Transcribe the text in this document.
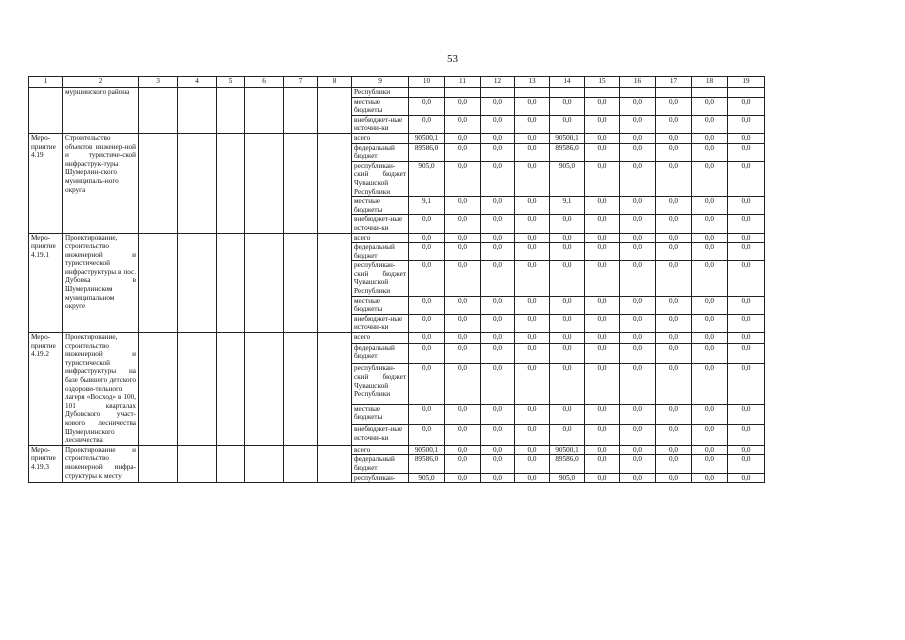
53
1	2	3	4	5	6	7	8	9	10	11	12	13	14	15	16	17	18	19
	муршинского района							Республики										
								местные бюджеты	0,0	0,0	0,0	0,0	0,0	0,0	0,0	0,0	0,0	0,0
								внебюджет-ные источни-ки	0,0	0,0	0,0	0,0	0,0	0,0	0,0	0,0	0,0	0,0
Меро-приятие 4.19	Строительство объектов инженер-ной и туристиче-ской инфраструк-туры Шумерлин-ского муниципаль-ного округа							всего	90500,1	0,0	0,0	0,0	90500,1	0,0	0,0	0,0	0,0	0,0
								федеральный бюджет	89586,0	0,0	0,0	0,0	89586,0	0,0	0,0	0,0	0,0	0,0
								республикан-ский бюджет Чувашской Республики	905,0	0,0	0,0	0,0	905,0	0,0	0,0	0,0	0,0	0,0
								местные бюджеты	9,1	0,0	0,0	0,0	9,1	0,0	0,0	0,0	0,0	0,0
								внебюджет-ные источни-ки	0,0	0,0	0,0	0,0	0,0	0,0	0,0	0,0	0,0	0,0
Меро-приятие 4.19.1	Проектирование, строительство инженерной и туристической инфраструктуры в пос. Дубовка в Шумерлинском муниципальном округе							всего	0,0	0,0	0,0	0,0	0,0	0,0	0,0	0,0	0,0	0,0
								федеральный бюджет	0,0	0,0	0,0	0,0	0,0	0,0	0,0	0,0	0,0	0,0
								республикан-ский бюджет Чувашской Республики	0,0	0,0	0,0	0,0	0,0	0,0	0,0	0,0	0,0	0,0
								местные бюджеты	0,0	0,0	0,0	0,0	0,0	0,0	0,0	0,0	0,0	0,0
								внебюджет-ные источни-ки	0,0	0,0	0,0	0,0	0,0	0,0	0,0	0,0	0,0	0,0
Меро-приятие 4.19.2	Проектирование, строительство инженерной и туристической инфраструктуры на базе бывшего детского оздорови-тельного лагеря «Восход» в 100, 101 кварталах Дубовского участ-кового лесничества Шумерлинского лесничества							всего	0,0	0,0	0,0	0,0	0,0	0,0	0,0	0,0	0,0	0,0
								федеральный бюджет	0,0	0,0	0,0	0,0	0,0	0,0	0,0	0,0	0,0	0,0
								республикан-ский бюджет Чувашской Республики	0,0	0,0	0,0	0,0	0,0	0,0	0,0	0,0	0,0	0,0
								местные бюджеты	0,0	0,0	0,0	0,0	0,0	0,0	0,0	0,0	0,0	0,0
								внебюджет-ные источни-ки	0,0	0,0	0,0	0,0	0,0	0,0	0,0	0,0	0,0	0,0
Меро-приятие 4.19.3	Проектирование и строительство инженерной инфра-структуры к месту							всего	90500,1	0,0	0,0	0,0	90500,1	0,0	0,0	0,0	0,0	0,0
								федеральный бюджет	89586,0	0,0	0,0	0,0	89586,0	0,0	0,0	0,0	0,0	0,0
								республикан-	905,0	0,0	0,0	0,0	905,0	0,0	0,0	0,0	0,0	0,0
